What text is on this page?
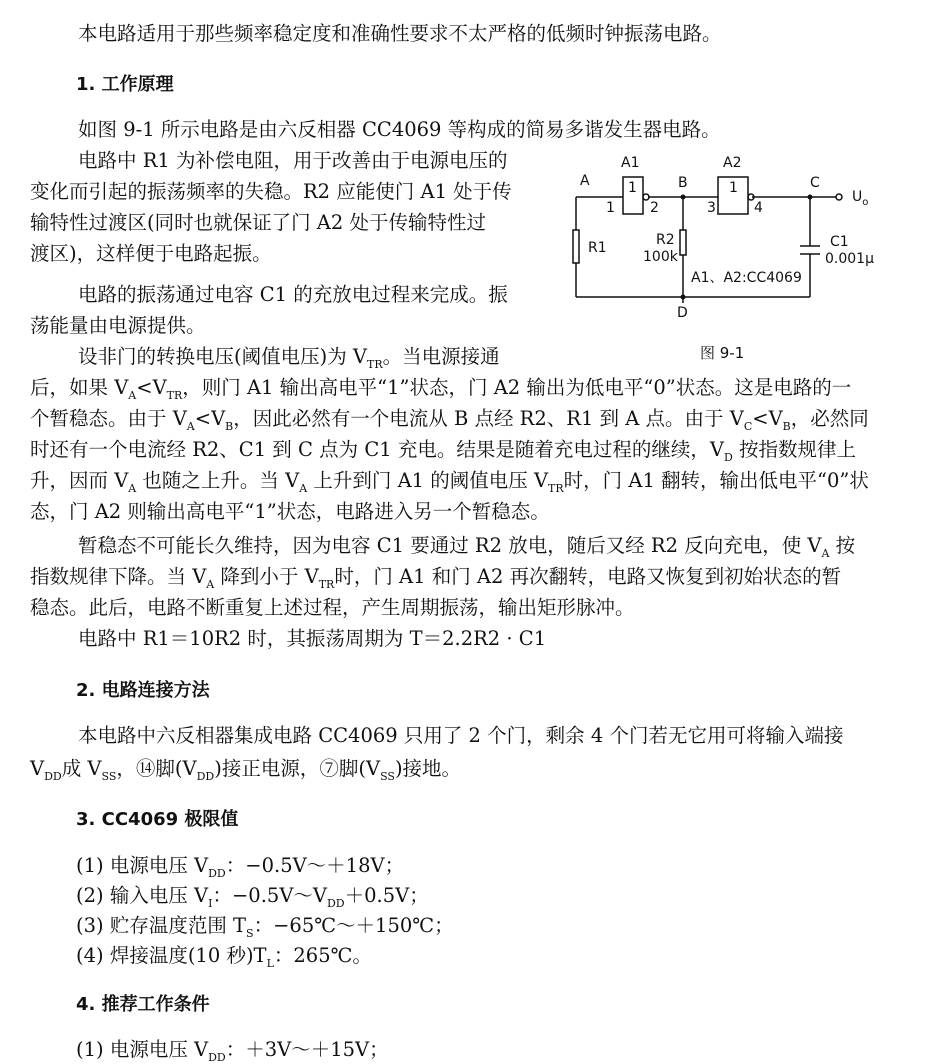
本电路适用于那些频率稳定度和准确性要求不太严格的低频时钟振荡电路。
1. 工作原理
如图 9-1 所示电路是由六反相器 CC4069 等构成的简易多谐发生器电路。
电路中 R1 为补偿电阻，用于改善由于电源电压的
变化而引起的振荡频率的失稳。R2 应能使门 A1 处于传
输特性过渡区(同时也就保证了门 A2 处于传输特性过
渡区)，这样便于电路起振。
电路的振荡通过电容 C1 的充放电过程来完成。振
荡能量由电源提供。
设非门的转换电压(阈值电压)为 $V_{TR}$。当电源接通
后，如果 $V_A<V_{TR}$，则门 A1 输出高电平“1”状态，门 A2 输出为低电平“0”状态。这是电路的一
个暂稳态。由于 $V_A<V_B$，因此必然有一个电流从 B 点经 R2、R1 到 A 点。由于 $V_C<V_B$，必然同
时还有一个电流经 R2、C1 到 C 点为 C1 充电。结果是随着充电过程的继续，$V_D$ 按指数规律上
升，因而 $V_A$ 也随之上升。当 $V_A$ 上升到门 A1 的阈值电压 $V_{TR}$时，门 A1 翻转，输出低电平“0”状
态，门 A2 则输出高电平“1”状态，电路进入另一个暂稳态。
暂稳态不可能长久维持，因为电容 C1 要通过 R2 放电，随后又经 R2 反向充电，使 $V_A$ 按
指数规律下降。当 $V_A$ 降到小于 $V_{TR}$时，门 A1 和门 A2 再次翻转，电路又恢复到初始状态的暂
稳态。此后，电路不断重复上述过程，产生周期振荡，输出矩形脉冲。
电路中 R1＝10R2 时，其振荡周期为 T＝2.2R2 · C1
2. 电路连接方法
本电路中六反相器集成电路 CC4069 只用了 2 个门，剩余 4 个门若无它用可将输入端接
$V_{DD}$成 $V_{SS}$，⑭脚$(V_{DD})$接正电源，⑦脚$(V_{SS})$接地。
3. CC4069 极限值
(1) 电源电压 $V_{DD}$：−0.5V～＋18V；
(2) 输入电压 $V_I$：$-0.5V\sim V_{DD}+0.5V$；
(3) 贮存温度范围 $T_S$：−65℃～＋150℃；
(4) 焊接温度(10 秒)$T_L$：265℃。
4. 推荐工作条件
(1) 电源电压 $V_{DD}$：＋3V～＋15V；
A	B	C
D
A1	A2
1	1
1	2	3	4
R1	R2
100k
C1
0.001μ
$U_o$
A1、A2:CC4069
图 9-1
